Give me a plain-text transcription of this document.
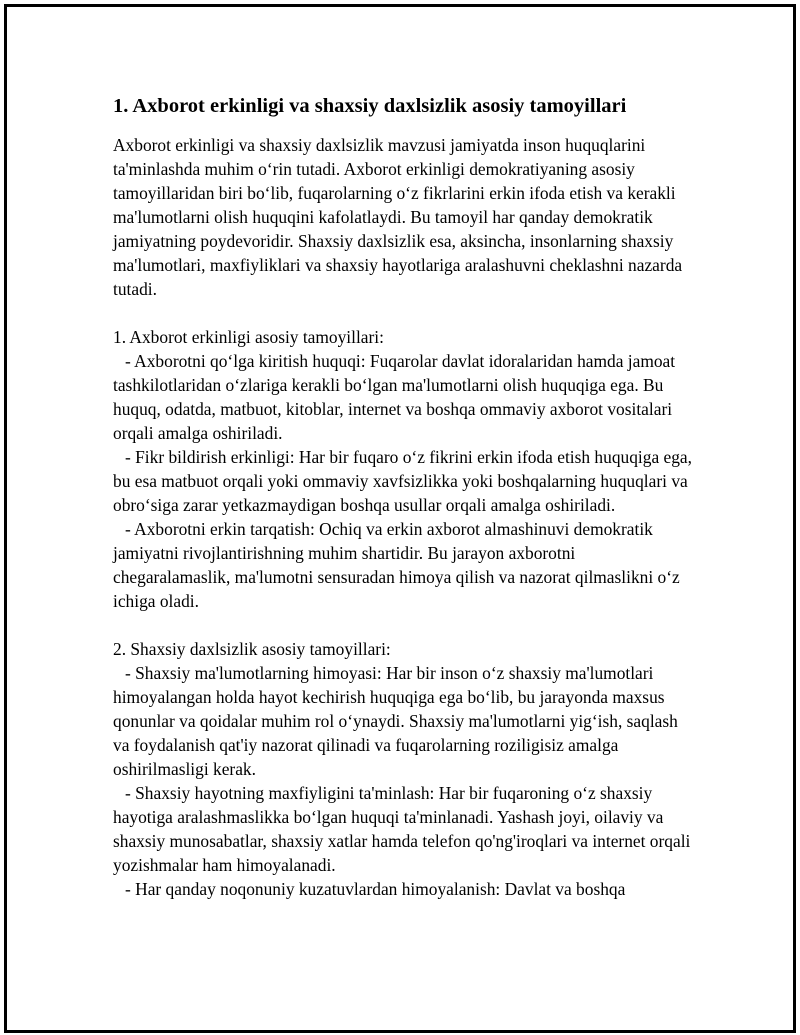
1. Axborot erkinligi va shaxsiy daxlsizlik asosiy tamoyillari

Axborot erkinligi va shaxsiy daxlsizlik mavzusi jamiyatda inson huquqlarini ta'minlashda muhim o‘rin tutadi. Axborot erkinligi demokratiyaning asosiy tamoyillaridan biri bo‘lib, fuqarolarning o‘z fikrlarini erkin ifoda etish va kerakli ma'lumotlarni olish huquqini kafolatlaydi. Bu tamoyil har qanday demokratik jamiyatning poydevoridir. Shaxsiy daxlsizlik esa, aksincha, insonlarning shaxsiy ma'lumotlari, maxfiyliklari va shaxsiy hayotlariga aralashuvni cheklashni nazarda tutadi.

1. Axborot erkinligi asosiy tamoyillari:

- Axborotni qo‘lga kiritish huquqi: Fuqarolar davlat idoralaridan hamda jamoat tashkilotlaridan o‘zlariga kerakli bo‘lgan ma'lumotlarni olish huquqiga ega. Bu huquq, odatda, matbuot, kitoblar, internet va boshqa ommaviy axborot vositalari orqali amalga oshiriladi.

- Fikr bildirish erkinligi: Har bir fuqaro o‘z fikrini erkin ifoda etish huquqiga ega, bu esa matbuot orqali yoki ommaviy xavfsizlikka yoki boshqalarning huquqlari va obro‘siga zarar yetkazmaydigan boshqa usullar orqali amalga oshiriladi.

- Axborotni erkin tarqatish: Ochiq va erkin axborot almashinuvi demokratik jamiyatni rivojlantirishning muhim shartidir. Bu jarayon axborotni chegaralamaslik, ma'lumotni sensuradan himoya qilish va nazorat qilmaslikni o‘z ichiga oladi.

2. Shaxsiy daxlsizlik asosiy tamoyillari:

- Shaxsiy ma'lumotlarning himoyasi: Har bir inson o‘z shaxsiy ma'lumotlari himoyalangan holda hayot kechirish huquqiga ega bo‘lib, bu jarayonda maxsus qonunlar va qoidalar muhim rol o‘ynaydi. Shaxsiy ma'lumotlarni yig‘ish, saqlash va foydalanish qat'iy nazorat qilinadi va fuqarolarning roziligisiz amalga oshirilmasligi kerak.

- Shaxsiy hayotning maxfiyligini ta'minlash: Har bir fuqaroning o‘z shaxsiy hayotiga aralashmaslikka bo‘lgan huquqi ta'minlanadi. Yashash joyi, oilaviy va shaxsiy munosabatlar, shaxsiy xatlar hamda telefon qo'ng'iroqlari va internet orqali yozishmalar ham himoyalanadi.

- Har qanday noqonuniy kuzatuvlardan himoyalanish: Davlat va boshqa
